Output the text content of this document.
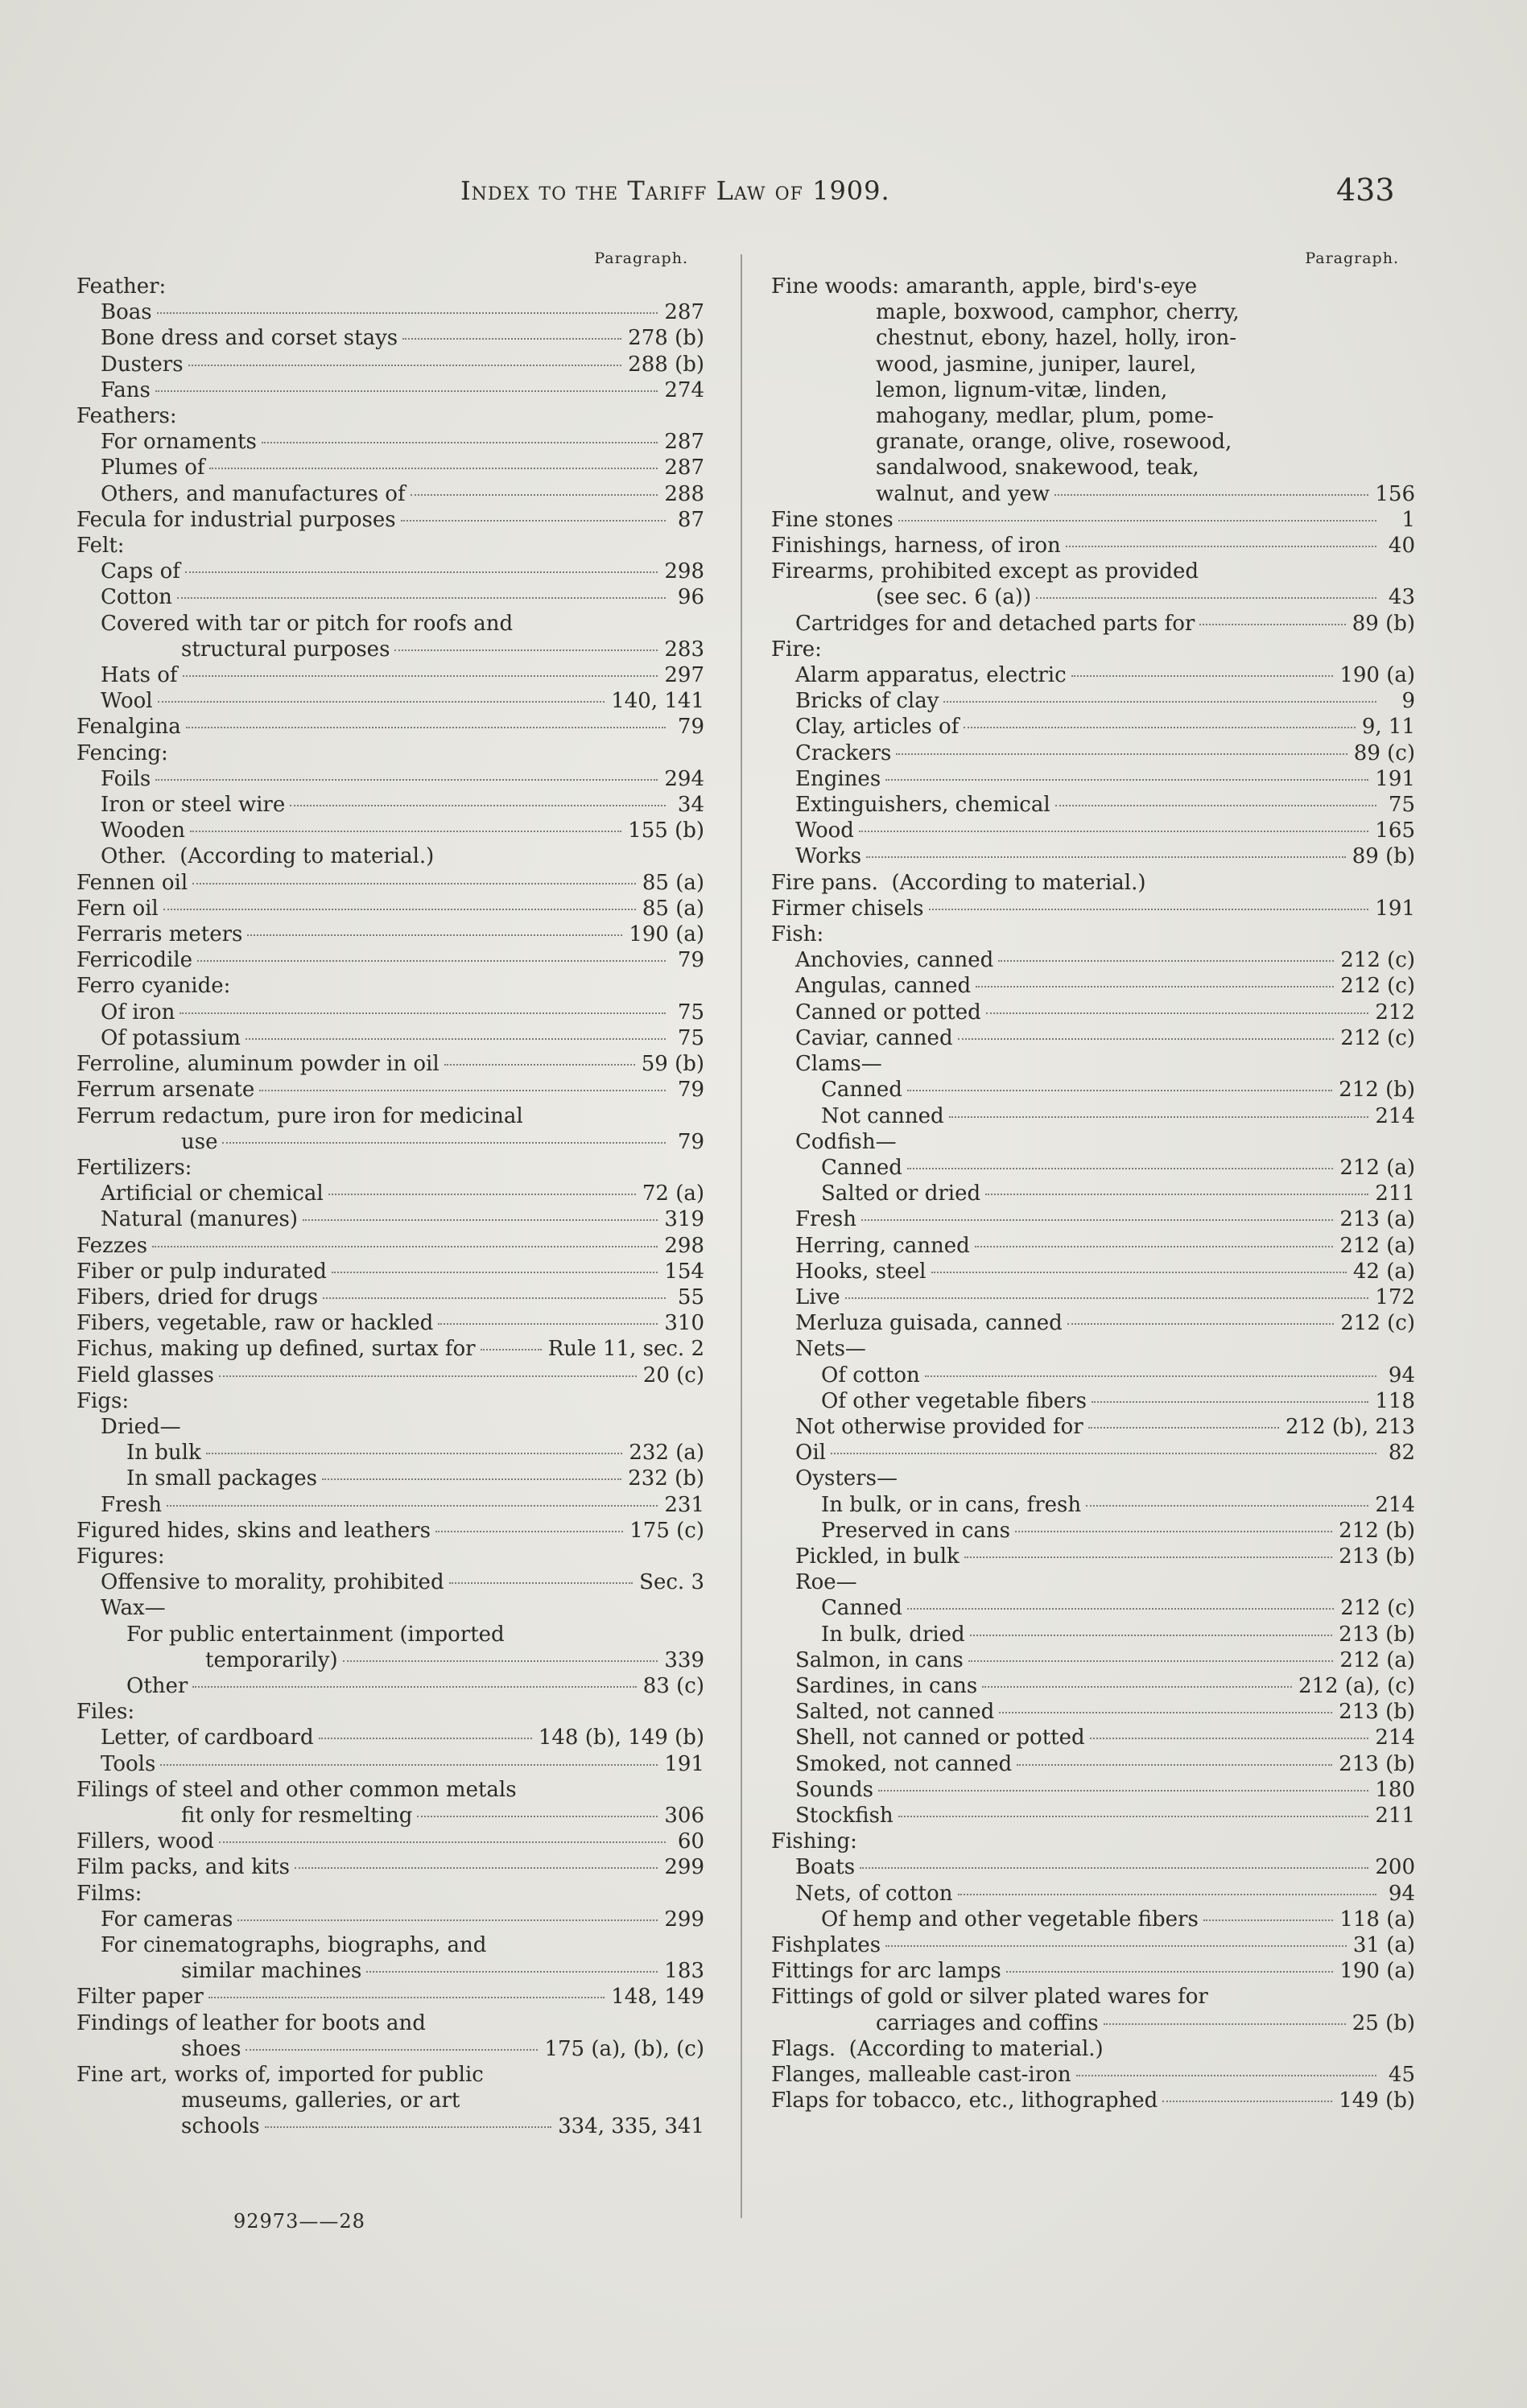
Index to the Tariff Law of 1909.	433
Paragraph.
Feather:
Boas	287
Bone dress and corset stays	278 (b)
Dusters	288 (b)
Fans	274
Feathers:
For ornaments	287
Plumes of	287
Others, and manufactures of	288
Fecula for industrial purposes	87
Felt:
Caps of	298
Cotton	96
Covered with tar or pitch for roofs and
structural purposes	283
Hats of	297
Wool	140, 141
Fenalgina	79
Fencing:
Foils	294
Iron or steel wire	34
Wooden	155 (b)
Other.  (According to material.)
Fennen oil	85 (a)
Fern oil	85 (a)
Ferraris meters	190 (a)
Ferricodile	79
Ferro cyanide:
Of iron	75
Of potassium	75
Ferroline, aluminum powder in oil	59 (b)
Ferrum arsenate	79
Ferrum redactum, pure iron for medicinal
use	79
Fertilizers:
Artificial or chemical	72 (a)
Natural (manures)	319
Fezzes	298
Fiber or pulp indurated	154
Fibers, dried for drugs	55
Fibers, vegetable, raw or hackled	310
Fichus, making up defined, surtax for	Rule 11, sec. 2
Field glasses	20 (c)
Figs:
Dried—
In bulk	232 (a)
In small packages	232 (b)
Fresh	231
Figured hides, skins and leathers	175 (c)
Figures:
Offensive to morality, prohibited	Sec. 3
Wax—
For public entertainment (imported
temporarily)	339
Other	83 (c)
Files:
Letter, of cardboard	148 (b), 149 (b)
Tools	191
Filings of steel and other common metals
fit only for resmelting	306
Fillers, wood	60
Film packs, and kits	299
Films:
For cameras	299
For cinematographs, biographs, and
similar machines	183
Filter paper	148, 149
Findings of leather for boots and
shoes	175 (a), (b), (c)
Fine art, works of, imported for public
museums, galleries, or art
schools	334, 335, 341
Paragraph.
Fine woods: amaranth, apple, bird's-eye
maple, boxwood, camphor, cherry,
chestnut, ebony, hazel, holly, iron-
wood, jasmine, juniper, laurel,
lemon, lignum-vitæ, linden,
mahogany, medlar, plum, pome-
granate, orange, olive, rosewood,
sandalwood, snakewood, teak,
walnut, and yew	156
Fine stones	1
Finishings, harness, of iron	40
Firearms, prohibited except as provided
(see sec. 6 (a))	43
Cartridges for and detached parts for	89 (b)
Fire:
Alarm apparatus, electric	190 (a)
Bricks of clay	9
Clay, articles of	9, 11
Crackers	89 (c)
Engines	191
Extinguishers, chemical	75
Wood	165
Works	89 (b)
Fire pans.  (According to material.)
Firmer chisels	191
Fish:
Anchovies, canned	212 (c)
Angulas, canned	212 (c)
Canned or potted	212
Caviar, canned	212 (c)
Clams—
Canned	212 (b)
Not canned	214
Codfish—
Canned	212 (a)
Salted or dried	211
Fresh	213 (a)
Herring, canned	212 (a)
Hooks, steel	42 (a)
Live	172
Merluza guisada, canned	212 (c)
Nets—
Of cotton	94
Of other vegetable fibers	118
Not otherwise provided for	212 (b), 213
Oil	82
Oysters—
In bulk, or in cans, fresh	214
Preserved in cans	212 (b)
Pickled, in bulk	213 (b)
Roe—
Canned	212 (c)
In bulk, dried	213 (b)
Salmon, in cans	212 (a)
Sardines, in cans	212 (a), (c)
Salted, not canned	213 (b)
Shell, not canned or potted	214
Smoked, not canned	213 (b)
Sounds	180
Stockfish	211
Fishing:
Boats	200
Nets, of cotton	94
Of hemp and other vegetable fibers	118 (a)
Fishplates	31 (a)
Fittings for arc lamps	190 (a)
Fittings of gold or silver plated wares for
carriages and coffins	25 (b)
Flags.  (According to material.)
Flanges, malleable cast-iron	45
Flaps for tobacco, etc., lithographed	149 (b)
92973——28
